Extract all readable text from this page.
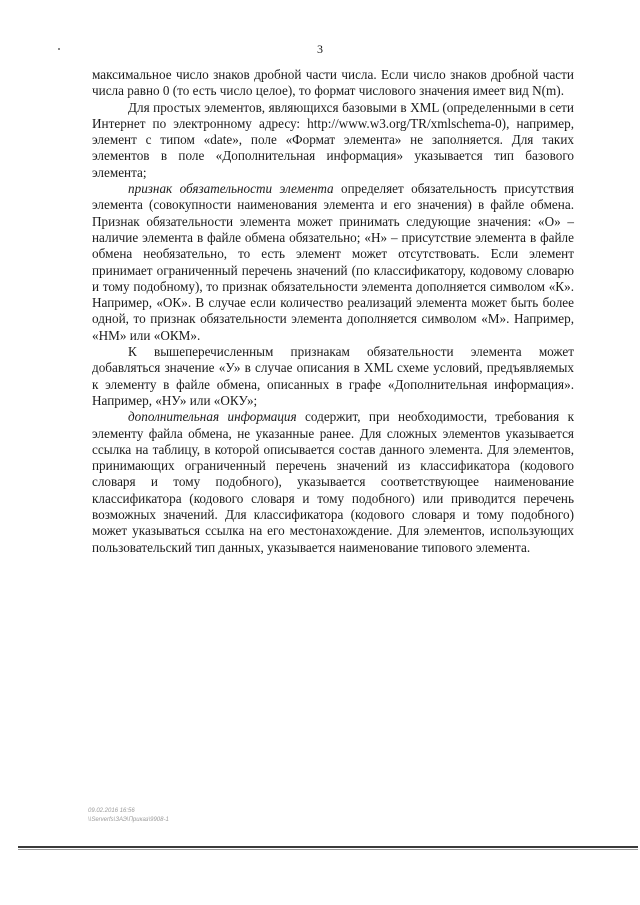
3

максимальное число знаков дробной части числа. Если число знаков дробной части числа равно 0 (то есть число целое), то формат числового значения имеет вид N(m).

Для простых элементов, являющихся базовыми в XML (определенными в сети Интернет по электронному адресу: http://www.w3.org/TR/xmlschema-0), например, элемент с типом «date», поле «Формат элемента» не заполняется. Для таких элементов в поле «Дополнительная информация» указывается тип базового элемента;

признак обязательности элемента определяет обязательность присутствия элемента (совокупности наименования элемента и его значения) в файле обмена. Признак обязательности элемента может принимать следующие значения: «О» – наличие элемента в файле обмена обязательно; «Н» – присутствие элемента в файле обмена необязательно, то есть элемент может отсутствовать. Если элемент принимает ограниченный перечень значений (по классификатору, кодовому словарю и тому подобному), то признак обязательности элемента дополняется символом «К». Например, «ОК». В случае если количество реализаций элемента может быть более одной, то признак обязательности элемента дополняется символом «М». Например, «НМ» или «ОКМ».

К вышеперечисленным признакам обязательности элемента может добавляться значение «У» в случае описания в XML схеме условий, предъявляемых к элементу в файле обмена, описанных в графе «Дополнительная информация». Например, «НУ» или «ОКУ»;

дополнительная информация содержит, при необходимости, требования к элементу файла обмена, не указанные ранее. Для сложных элементов указывается ссылка на таблицу, в которой описывается состав данного элемента. Для элементов, принимающих ограниченный перечень значений из классификатора (кодового словаря и тому подобного), указывается соответствующее наименование классификатора (кодового словаря и тому подобного) или приводится перечень возможных значений. Для классификатора (кодового словаря и тому подобного) может указываться ссылка на его местонахождение. Для элементов, использующих пользовательский тип данных, указывается наименование типового элемента.

09.02.2016 16:56
\\Serverfs\ЗАЭ\Приказ\9908-1
